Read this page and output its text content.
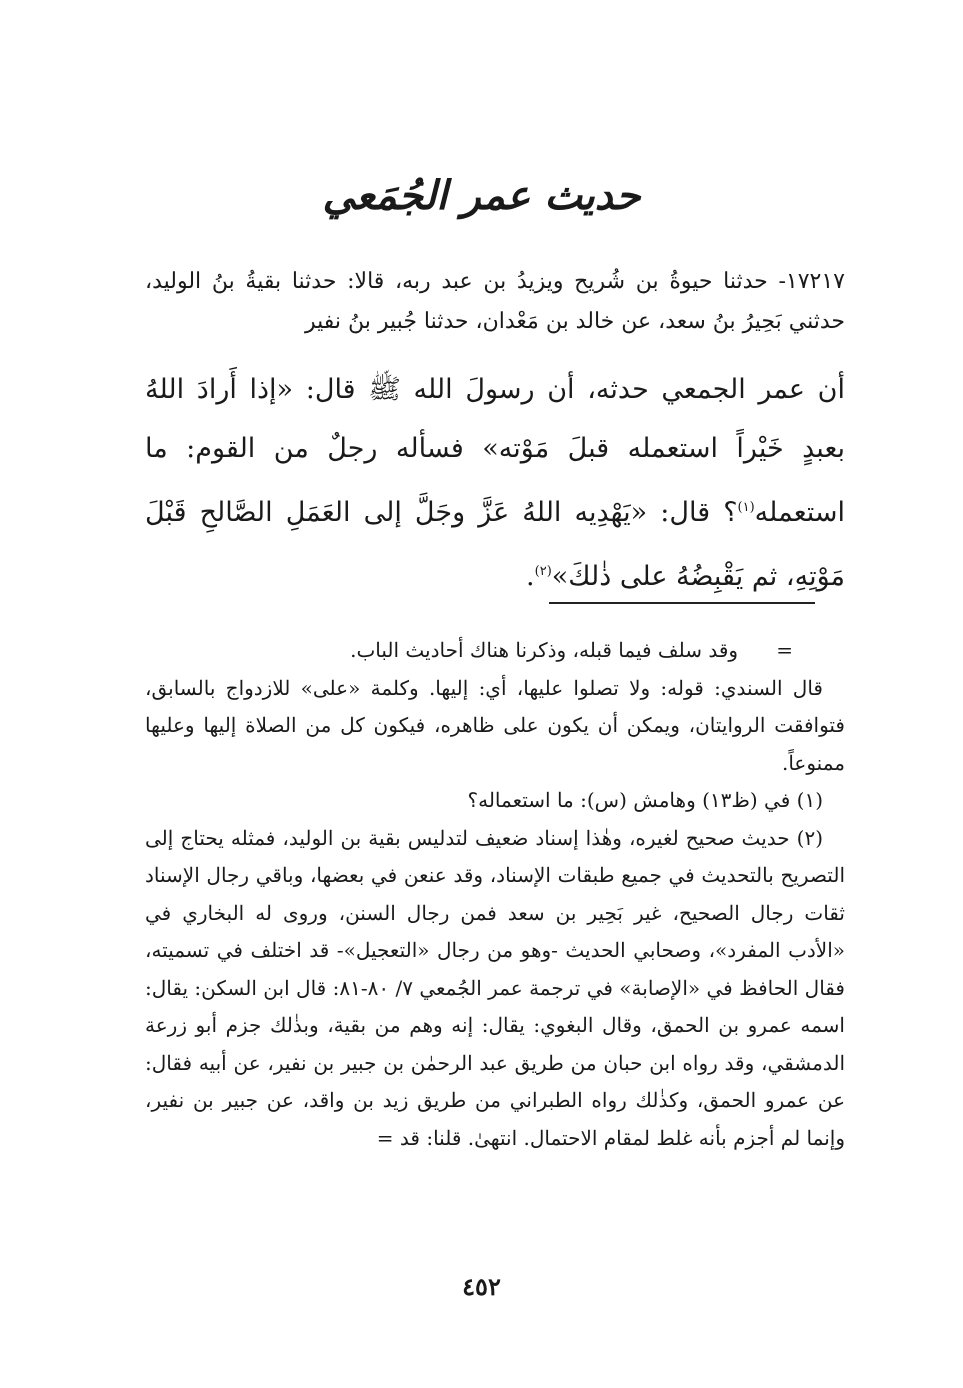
حديث عمر الجُمَعي
١٧٢١٧- حدثنا حيوةُ بن شُريح ويزيدُ بن عبد ربه، قالا: حدثنا بقيةُ بنُ الوليد، حدثني بَحِيرُ بنُ سعد، عن خالد بن مَعْدان، حدثنا جُبير بنُ نفير
أن عمر الجمعي حدثه، أن رسولَ الله ﷺ قال: «إذا أَرادَ اللهُ بعبدٍ خَيْراً استعمله قبلَ مَوْته» فسأله رجلٌ من القوم: ما استعمله$^{(١)}$؟ قال: «يَهْدِيه اللهُ عَزَّ وجَلَّ إلى العَمَلِ الصَّالحِ قَبْلَ مَوْتِهِ، ثم يَقْبِضُهُ على ذٰلكَ»$^{(٢)}$.

=      وقد سلف فيما قبله، وذكرنا هناك أحاديث الباب.

قال السندي: قوله: ولا تصلوا عليها، أي: إليها. وكلمة «على» للازدواج بالسابق، فتوافقت الروايتان، ويمكن أن يكون على ظاهره، فيكون كل من الصلاة إليها وعليها ممنوعاً.

(١) في (ظ١٣) وهامش (س): ما استعماله؟

(٢) حديث صحيح لغيره، وهٰذا إسناد ضعيف لتدليس بقية بن الوليد، فمثله يحتاج إلى التصريح بالتحديث في جميع طبقات الإسناد، وقد عنعن في بعضها، وباقي رجال الإسناد ثقات رجال الصحيح، غير بَحِير بن سعد فمن رجال السنن، وروى له البخاري في «الأدب المفرد»، وصحابي الحديث -وهو من رجال «التعجيل»- قد اختلف في تسميته، فقال الحافظ في «الإصابة» في ترجمة عمر الجُمعي ٧/ ٨٠-٨١: قال ابن السكن: يقال: اسمه عمرو بن الحمق، وقال البغوي: يقال: إنه وهم من بقية، وبذٰلك جزم أبو زرعة الدمشقي، وقد رواه ابن حبان من طريق عبد الرحمٰن بن جبير بن نفير، عن أبيه فقال: عن عمرو الحمق، وكذٰلك رواه الطبراني من طريق زيد بن واقد، عن جبير بن نفير، وإنما لم أجزم بأنه غلط لمقام الاحتمال. انتهىٰ. قلنا: قد =

٤٥٢
